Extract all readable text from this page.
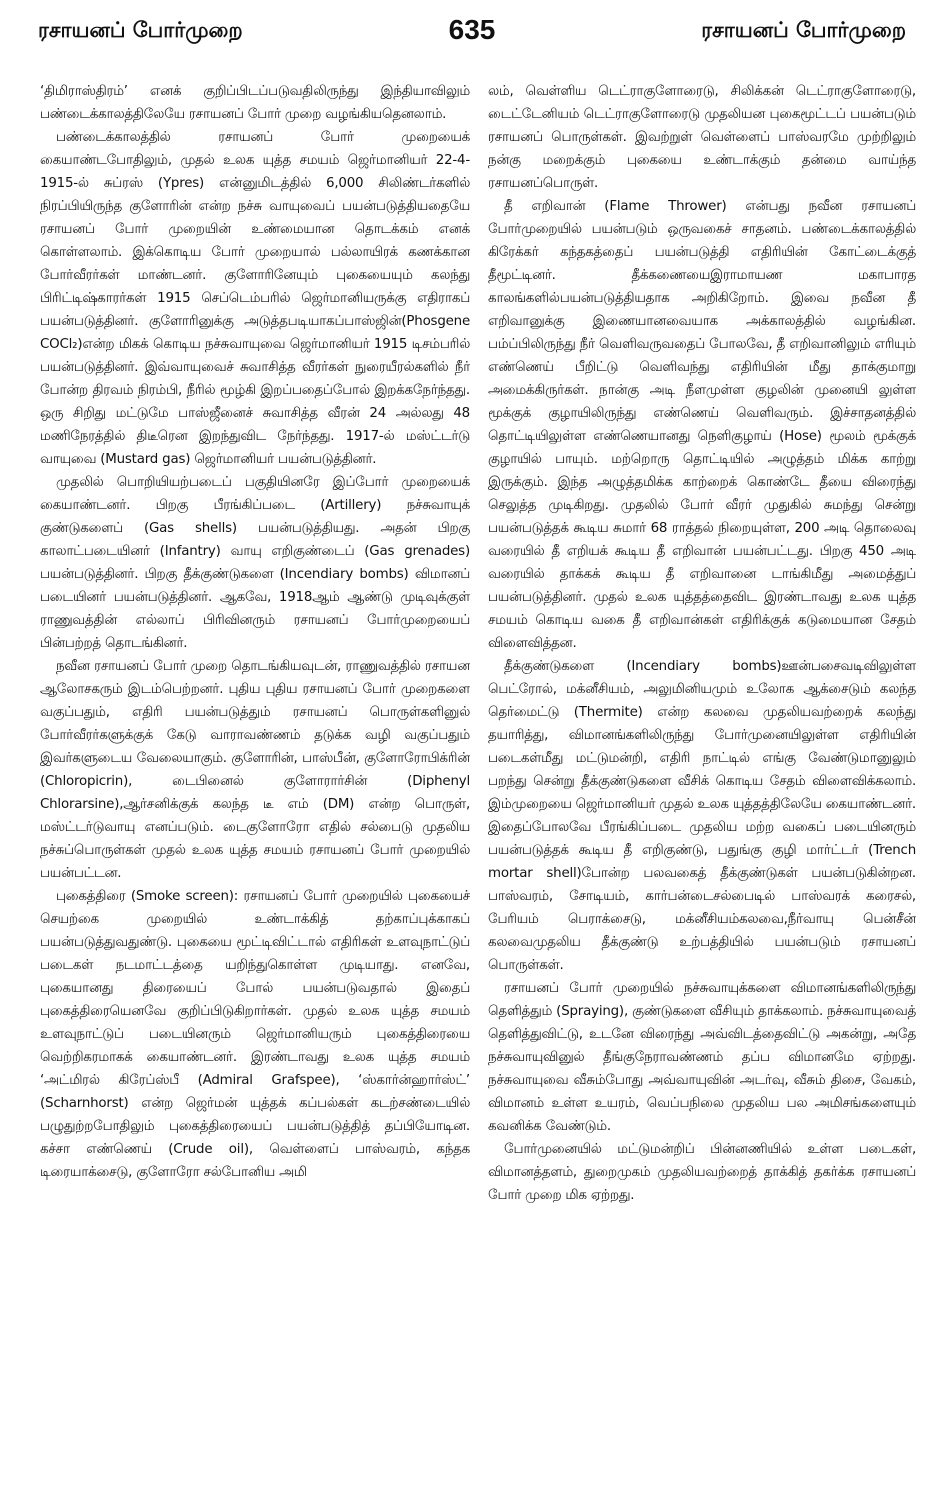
ரசாயனப் போர்முறை	635	ரசாயனப் போர்முறை

‘திமிராஸ்திரம்’ எனக் குறிப்பிடப்படுவதிலிருந்து இந்தியாவிலும் பண்டைக்காலத்திலேயே ரசாயனப் போர் முறை வழங்கியதெனலாம்.

பண்டைக்காலத்தில் ரசாயனப் போர் முறையைக் கையாண்டபோதிலும், முதல் உலக யுத்த சமயம் ஜெர்மானியர் 22-4-1915-ல் சுப்ரஸ் (Ypres) என்னுமிடத்தில் 6,000 சிலிண்டர்களில் நிரப்பியிருந்த குளோரின் என்ற நச்சு வாயுவைப் பயன்படுத்தியதையே ரசாயனப் போர் முறையின் உண்மையான தொடக்கம் எனக் கொள்ளலாம். இக்கொடிய போர் முறையால் பல்லாயிரக் கணக்கான போர்வீரர்கள் மாண்டனர். குளோரினேயும் புகையையும் கலந்து பிரிட்டிஷ்காரர்கள் 1915 செப்டெம்பரில் ஜெர்மானியருக்கு எதிராகப் பயன்படுத்தினர். குளோரினுக்கு அடுத்தபடியாகப்பாஸ்ஜின்(Phosgene COCl₂)என்ற மிகக் கொடிய நச்சுவாயுவை ஜெர்மானியர் 1915 டிசம்பரில் பயன்படுத்தினர். இவ்வாயுவைச் சுவாசித்த வீரர்கள் நுரையீரல்களில் நீர் போன்ற திரவம் நிரம்பி, நீரில் மூழ்கி இறப்பதைப்போல் இறக்கநேர்ந்தது. ஒரு சிறிது மட்டுமே பாஸ்ஜீனைச் சுவாசித்த வீரன் 24 அல்லது 48 மணிநேரத்தில் திடீரென இறந்துவிட நேர்ந்தது. 1917-ல் மஸ்ட்டர்டு வாயுவை (Mustard gas) ஜெர்மானியர் பயன்படுத்தினர்.

முதலில் பொறியியற்படைப் பகுதியினரே இப்போர் முறையைக் கையாண்டனர். பிறகு பீரங்கிப்படை (Artillery) நச்சுவாயுக் குண்டுகளைப் (Gas shells) பயன்படுத்தியது. அதன் பிறகு காலாட்படையினர் (Infantry) வாயு எறிகுண்டைப் (Gas grenades) பயன்படுத்தினர். பிறகு தீக்குண்டுகளை (Incendiary bombs) விமானப் படையினர் பயன்படுத்தினர். ஆகவே, 1918ஆம் ஆண்டு முடிவுக்குள் ராணுவத்தின் எல்லாப் பிரிவினரும் ரசாயனப் போர்முறையைப் பின்பற்றத் தொடங்கினர்.

நவீன ரசாயனப் போர் முறை தொடங்கியவுடன், ராணுவத்தில் ரசாயன ஆலோசகரும் இடம்பெற்றனர். புதிய புதிய ரசாயனப் போர் முறைகளை வகுப்பதும், எதிரி பயன்படுத்தும் ரசாயனப் பொருள்களினுல் போர்வீரர்களுக்குக் கேடு வாராவண்ணம் தடுக்க வழி வகுப்பதும் இவர்களுடைய வேலையாகும். குளோரின், பாஸ்பீன், குளோரோபிக்ரின் (Chloropicrin), டைபினைல் குளோரார்சின் (Diphenyl Chlorarsine),ஆர்சனிக்குக் கலந்த டீ எம் (DM) என்ற பொருள், மஸ்ட்டர்டுவாயு எனப்படும். டைகுளோரோ எதில் சல்பைடு முதலிய நச்சுப்பொருள்கள் முதல் உலக யுத்த சமயம் ரசாயனப் போர் முறையில் பயன்பட்டன.

புகைத்திரை (Smoke screen): ரசாயனப் போர் முறையில் புகையைச் செயற்கை முறையில் உண்டாக்கித் தற்காப்புக்காகப் பயன்படுத்துவதுண்டு. புகையை மூட்டிவிட்டால் எதிரிகள் உளவுநாட்டுப் படைகள் நடமாட்டத்தை யறிந்துகொள்ள முடியாது. எனவே, புகையானது திரையைப் போல் பயன்படுவதால் இதைப் புகைத்திரையெனவே குறிப்பிடுகிறார்கள். முதல் உலக யுத்த சமயம் உளவுநாட்டுப் படையினரும் ஜெர்மானியரும் புகைத்திரையை வெற்றிகரமாகக் கையாண்டனர். இரண்டாவது உலக யுத்த சமயம் ‘அட்மிரல் கிரேப்ஸ்பீ (Admiral Grafspee), ‘ஸ்கார்ன்ஹார்ஸ்ட்’ (Scharnhorst) என்ற ஜெர்மன் யுத்தக் கப்பல்கள் கடற்சண்டையில் பழுதுற்றபோதிலும் புகைத்திரையைப் பயன்படுத்தித் தப்பியோடின. கச்சா எண்ணெய் (Crude oil), வெள்ளைப் பாஸ்வரம், கந்தக டிரையாக்சைடு, குளோரோ சல்போனிய அமி

லம், வெள்ளிய டெட்ராகுளோரைடு, சிலிக்கன் டெட்ராகுளோரைடு, டைட்டேனியம் டெட்ராகுளோரைடு முதலியன புகைமூட்டப் பயன்படும் ரசாயனப் பொருள்கள். இவற்றுள் வெள்ளைப் பாஸ்வரமே முற்றிலும் நன்கு மறைக்கும் புகையை உண்டாக்கும் தன்மை வாய்ந்த ரசாயனப்பொருள்.

தீ எறிவான் (Flame Thrower) என்பது நவீன ரசாயனப் போர்முறையில் பயன்படும் ஒருவகைச் சாதனம். பண்டைக்காலத்தில் கிரேக்கர் கந்தகத்தைப் பயன்படுத்தி எதிரியின் கோட்டைக்குத் தீமூட்டினர். தீக்கணையைஇராமாயண மகாபாரத காலங்களில்பயன்படுத்தியதாக அறிகிறோம். இவை நவீன தீ எறிவானுக்கு இணையானவையாக அக்காலத்தில் வழங்கின. பம்ப்பிலிருந்து நீர் வெளிவருவதைப் போலவே, தீ எறிவானிலும் எரியும் எண்ணெய் பீறிட்டு வெளிவந்து எதிரியின் மீது தாக்குமாறு அமைக்கிருர்கள். நான்கு அடி நீளமுள்ள குழலின் முனையி லுள்ள மூக்குக் குழாயிலிருந்து எண்ணெய் வெளிவரும். இச்சாதனத்தில் தொட்டியிலுள்ள எண்ணெயானது நெளிகுழாய் (Hose) மூலம் மூக்குக் குழாயில் பாயும். மற்றொரு தொட்டியில் அழுத்தம் மிக்க காற்று இருக்கும். இந்த அழுத்தமிக்க காற்றைக் கொண்டே தீயை விரைந்து செலுத்த முடிகிறது. முதலில் போர் வீரர் முதுகில் சுமந்து சென்று பயன்படுத்தக் கூடிய சுமார் 68 ராத்தல் நிறையுள்ள, 200 அடி தொலைவு வரையில் தீ எறியக் கூடிய தீ எறிவான் பயன்பட்டது. பிறகு 450 அடி வரையில் தாக்கக் கூடிய தீ எறிவானை டாங்கிமீது அமைத்துப் பயன்படுத்தினர். முதல் உலக யுத்தத்தைவிட இரண்டாவது உலக யுத்த சமயம் கொடிய வகை தீ எறிவான்கள் எதிரிக்குக் கடுமையான சேதம் விளைவித்தன.

தீக்குண்டுகளை (Incendiary bombs)ஊன்பசைவடிவிலுள்ள பெட்ரோல், மக்னீசியம், அலுமினியமும் உலோக ஆக்சைடும் கலந்த தெர்மைட்டு (Thermite) என்ற கலவை முதலியவற்றைக் கலந்து தயாரித்து, விமானங்களிலிருந்து போர்முனையிலுள்ள எதிரியின் படைகள்மீது மட்டுமன்றி, எதிரி நாட்டில் எங்கு வேண்டுமானுலும் பறந்து சென்று தீக்குண்டுகளை வீசிக் கொடிய சேதம் விளைவிக்கலாம். இம்முறையை ஜெர்மானியர் முதல் உலக யுத்தத்திலேயே கையாண்டனர். இதைப்போலவே பீரங்கிப்படை முதலிய மற்ற வகைப் படையினரும் பயன்படுத்தக் கூடிய தீ எறிகுண்டு, பதுங்கு குழி மார்ட்டர் (Trench mortar shell)போன்ற பலவகைத் தீக்குண்டுகள் பயன்படுகின்றன. பாஸ்வரம், சோடியம், கார்பன்டைசல்பைடில் பாஸ்வரக் கரைசல், பேரியம் பெராக்சைடு, மக்னீசியம்கலவை,நீர்வாயு பென்சீன் கலவைமுதலிய தீக்குண்டு உற்பத்தியில் பயன்படும் ரசாயனப் பொருள்கள்.

ரசாயனப் போர் முறையில் நச்சுவாயுக்களை விமானங்களிலிருந்து தெளித்தும் (Spraying), குண்டுகளை வீசியும் தாக்கலாம். நச்சுவாயுவைத் தெளித்துவிட்டு, உடனே விரைந்து அவ்விடத்தைவிட்டு அகன்று, அதே நச்சுவாயுவினுல் தீங்குநேராவண்ணம் தப்ப விமானமே ஏற்றது. நச்சுவாயுவை வீசும்போது அவ்வாயுவின் அடர்வு, வீசும் திசை, வேகம், விமானம் உள்ள உயரம், வெப்பநிலை முதலிய பல அமிசங்களையும் கவனிக்க வேண்டும்.

போர்முனையில் மட்டுமன்றிப் பின்னணியில் உள்ள படைகள், விமானத்தளம், துறைமுகம் முதலியவற்றைத் தாக்கித் தகர்க்க ரசாயனப் போர் முறை மிக ஏற்றது.
